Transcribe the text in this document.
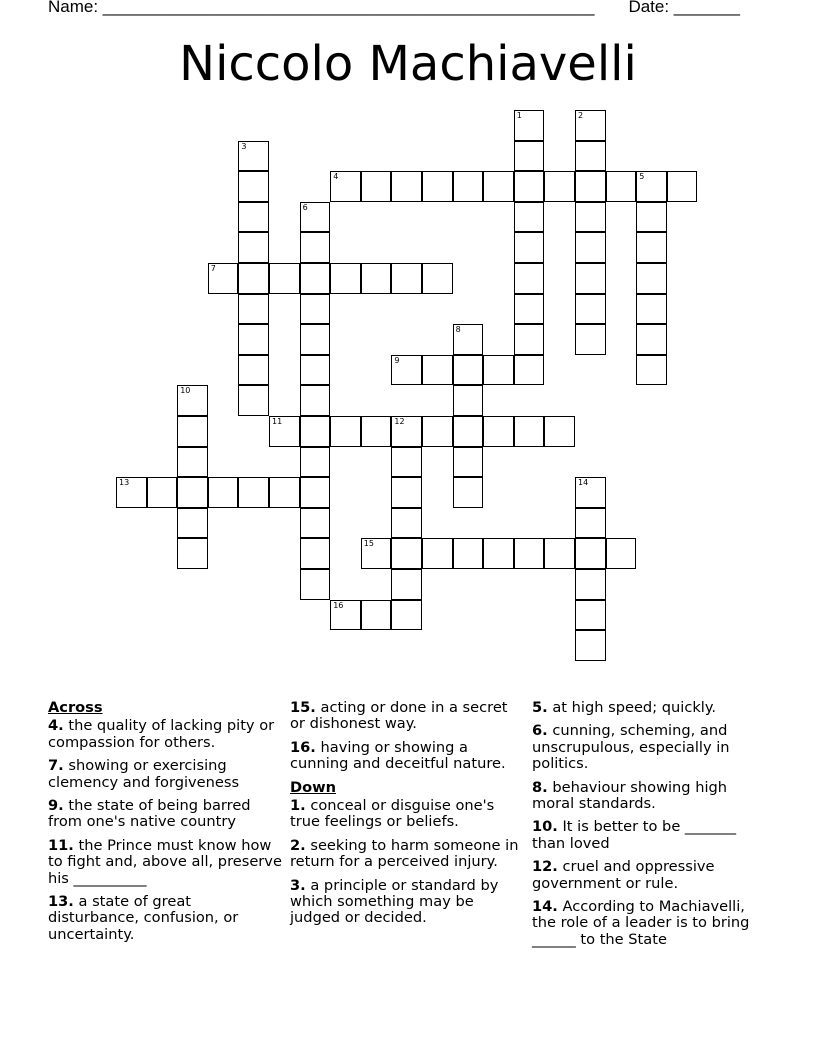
Name: ____________________________________________________ Date: _______
Niccolo Machiavelli
1	2
3
4	5
6
7
8
9
10
11	12
13	14
15
16
Across
4. the quality of lacking pity or compassion for others.
7. showing or exercising clemency and forgiveness
9. the state of being barred from one's native country
11. the Prince must know how to fight and, above all, preserve his __________
13. a state of great disturbance, confusion, or uncertainty.
15. acting or done in a secret or dishonest way.
16. having or showing a cunning and deceitful nature.
Down
1. conceal or disguise one's true feelings or beliefs.
2. seeking to harm someone in return for a perceived injury.
3. a principle or standard by which something may be judged or decided.
5. at high speed; quickly.
6. cunning, scheming, and unscrupulous, especially in politics.
8. behaviour showing high moral standards.
10. It is better to be _______ than loved
12. cruel and oppressive government or rule.
14. According to Machiavelli, the role of a leader is to bring ______ to the State
